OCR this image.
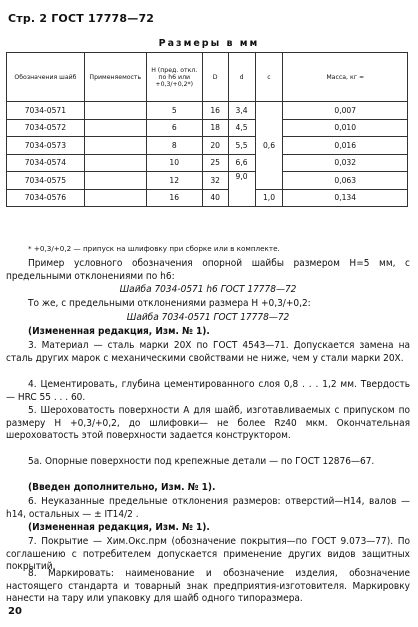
Стр. 2 ГОСТ 17778—72
Размеры в мм
Обозначения шайб	Применяемость	H (пред. откл. по h6 или +0,3/+0,2*)	D	d	c	Масса, кг ≈
7034-0571		5	16	3,4	0,6	0,007
7034-0572		6	18	4,5		0,010
7034-0573		8	20	5,5		0,016
7034-0574		10	25	6,6		0,032
7034-0575		12	32	9,0		0,063
7034-0576		16	40		1,0	0,134
* +0,3/+0,2 — припуск на шлифовку при сборке или в комплекте.
Пример условного обозначения опорной шайбы размером H=5 мм, с предельными отклонениями по h6:
Шайба 7034-0571 h6 ГОСТ 17778—72
То же, с предельными отклонениями размера H +0,3/+0,2:
Шайба 7034-0571 ГОСТ 17778—72
(Измененная редакция, Изм. № 1).
3. Материал — сталь марки 20Х по ГОСТ 4543—71. Допускается замена на сталь других марок с механическими свойствами не ниже, чем у стали марки 20Х.
4. Цементировать, глубина цементированного слоя 0,8 . . . 1,2 мм. Твердость — HRC 55 . . . 60.
5. Шероховатость поверхности A для шайб, изготавливаемых с припуском по размеру H +0,3/+0,2, до шлифовки— не более Rz40 мкм. Окончательная шероховатость этой поверхности задается конструктором.
5а. Опорные поверхности под крепежные детали — по ГОСТ 12876—67.
(Введен дополнительно, Изм. № 1).
6. Неуказанные предельные отклонения размеров: отверстий—H14, валов — h14, остальных — ± IT14/2 .
(Измененная редакция, Изм. № 1).
7. Покрытие — Хим.Окс.прм (обозначение покрытия—по ГОСТ 9.073—77). По соглашению с потребителем допускается применение других видов защитных покрытий.
8. Маркировать: наименование и обозначение изделия, обозначение настоящего стандарта и товарный знак предприятия-изготовителя. Маркировку нанести на тару или упаковку для шайб одного типоразмера.
20
